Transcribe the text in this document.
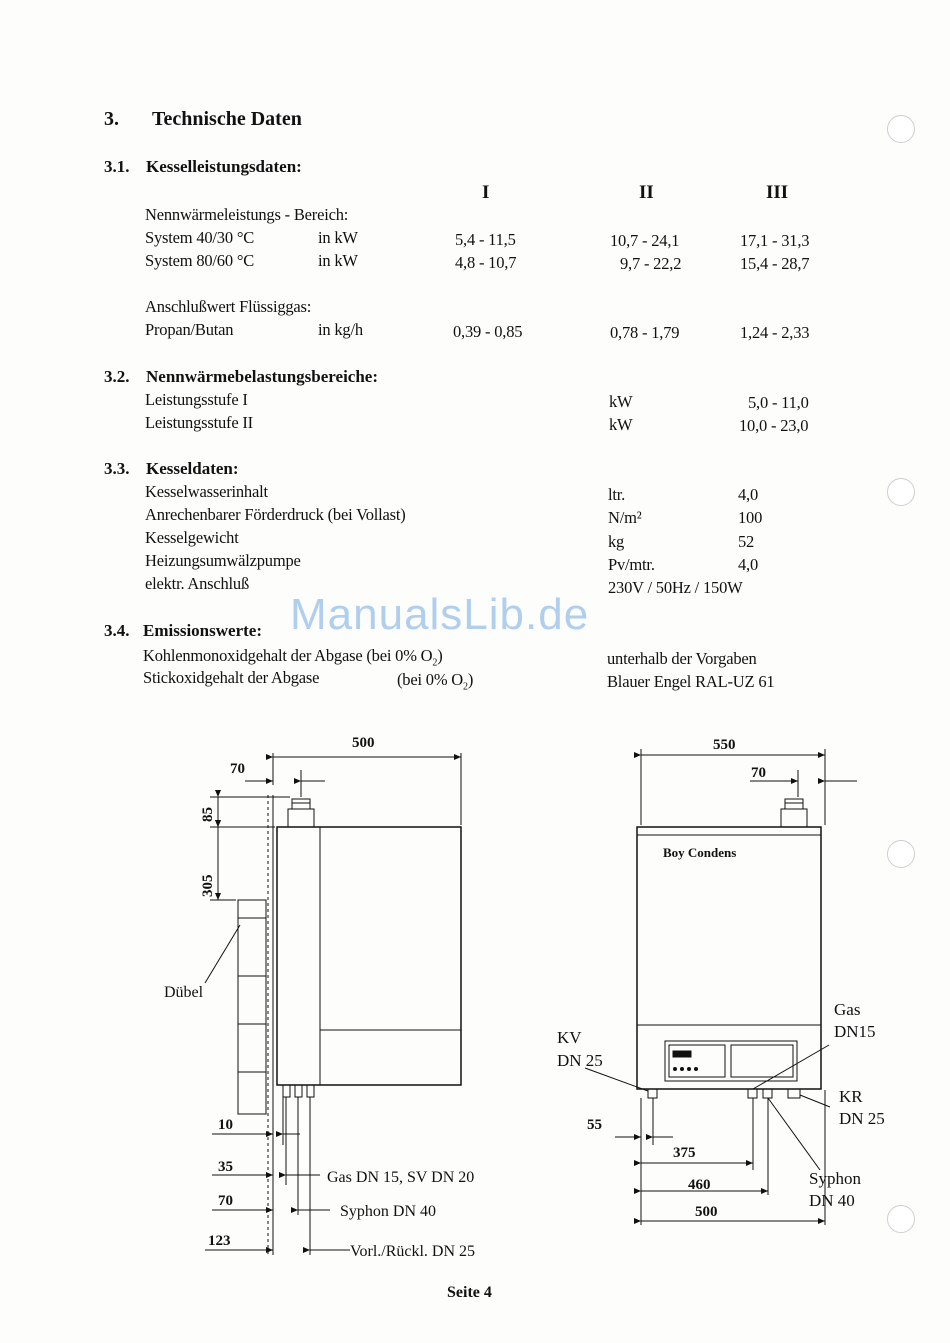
3. Technische Daten
3.1. Kesselleistungsdaten:
I	II	III
Nennwärmeleistungs - Bereich:
System 40/30 °C	in kW	5,4 - 11,5	10,7 - 24,1	17,1 - 31,3
System 80/60 °C	in kW	4,8 - 10,7	9,7 - 22,2	15,4 - 28,7
Anschlußwert Flüssiggas:
Propan/Butan	in kg/h	0,39 - 0,85	0,78 - 1,79	1,24 - 2,33
3.2. Nennwärmebelastungsbereiche:
Leistungsstufe I	kW	5,0 - 11,0
Leistungsstufe II	kW	10,0 - 23,0
3.3. Kesseldaten:
Kesselwasserinhalt	ltr.	4,0
Anrechenbarer Förderdruck (bei Vollast)	N/m²	100
Kesselgewicht	kg	52
Heizungsumwälzpumpe	Pv/mtr.	4,0
elektr. Anschluß	230V / 50Hz / 150W
ManualsLib.de
3.4. Emissionswerte:
Kohlenmonoxidgehalt der Abgase (bei 0% $O_2$)	unterhalb der Vorgaben
Stickoxidgehalt der Abgase	(bei 0% $O_2$)	Blauer Engel RAL-UZ 61
500
70
85
305
10
35
70
123
Dübel
Gas DN 15, SV DN 20
Syphon DN 40
Vorl./Rückl. DN 25
550
70
55
375
460
500
Boy Condens
KV
DN 25
Gas
DN15
KR
DN 25
Syphon
DN 40
Seite 4
